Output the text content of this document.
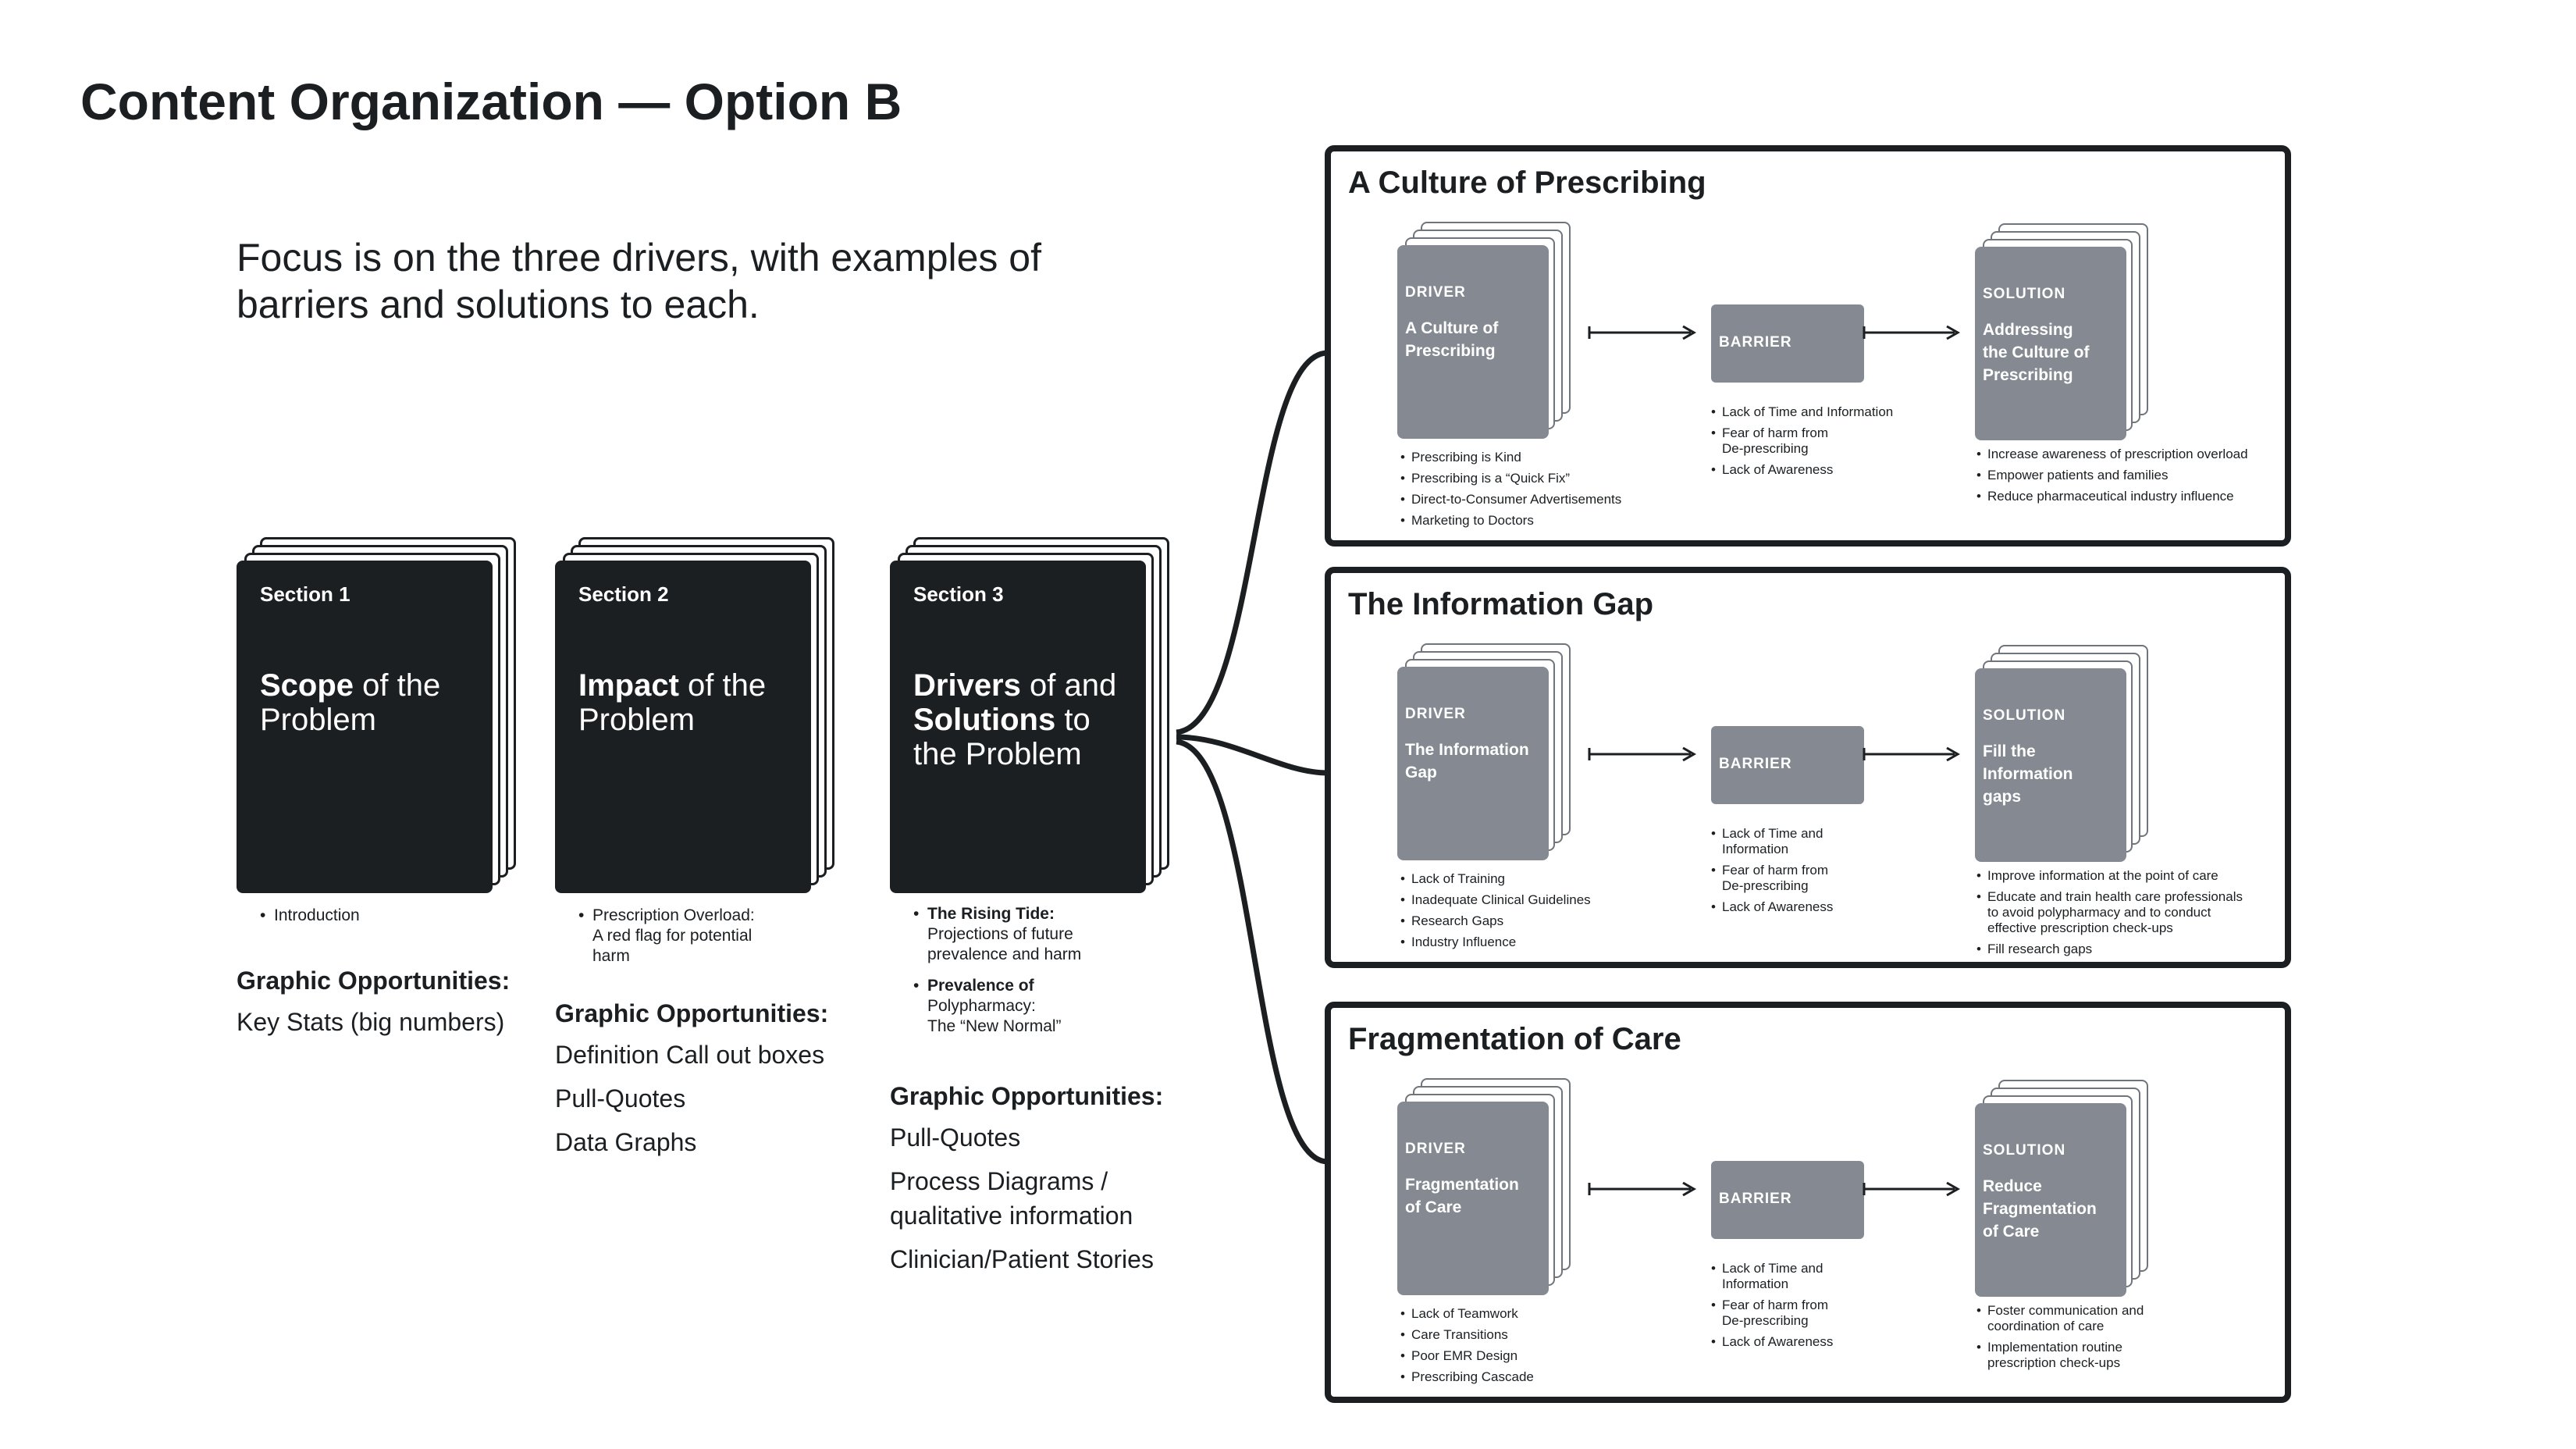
Content Organization — Option B
Focus is on the three drivers, with examples of
barriers and solutions to each.
Section 1
Scope of the
Problem
• Introduction
Graphic Opportunities:
Key Stats (big numbers)
Section 2
Impact of the
Problem
• Prescription Overload:
A red flag for potential
harm
Graphic Opportunities:
Definition Call out boxes
Pull-Quotes
Data Graphs
Section 3
Drivers of and
Solutions to
the Problem
• The Rising Tide:
Projections of future
prevalence and harm
• Prevalence of
Polypharmacy:
The “New Normal”
Graphic Opportunities:
Pull-Quotes
Process Diagrams /
qualitative information
Clinician/Patient Stories
A Culture of Prescribing
DRIVER
A Culture of
Prescribing	BARRIER
SOLUTION
Addressing
the Culture of
Prescribing
• Prescribing is Kind
• Prescribing is a “Quick Fix”
• Direct-to-Consumer Advertisements
• Marketing to Doctors
• Lack of Time and Information
• Fear of harm from
De-prescribing
• Lack of Awareness
• Increase awareness of prescription overload
• Empower patients and families
• Reduce pharmaceutical industry influence
The Information Gap
DRIVER
The Information
Gap	BARRIER
SOLUTION
Fill the
Information
gaps
• Lack of Training
• Inadequate Clinical Guidelines
• Research Gaps
• Industry Influence
• Lack of Time and
Information
• Fear of harm from
De-prescribing
• Lack of Awareness
• Improve information at the point of care
• Educate and train health care professionals
to avoid polypharmacy and to conduct
effective prescription check-ups
• Fill research gaps
Fragmentation of Care
DRIVER
Fragmentation
of Care	BARRIER
SOLUTION
Reduce
Fragmentation
of Care
• Lack of Teamwork
• Care Transitions
• Poor EMR Design
• Prescribing Cascade
• Lack of Time and
Information
• Fear of harm from
De-prescribing
• Lack of Awareness
• Foster communication and
coordination of care
• Implementation routine
prescription check-ups
